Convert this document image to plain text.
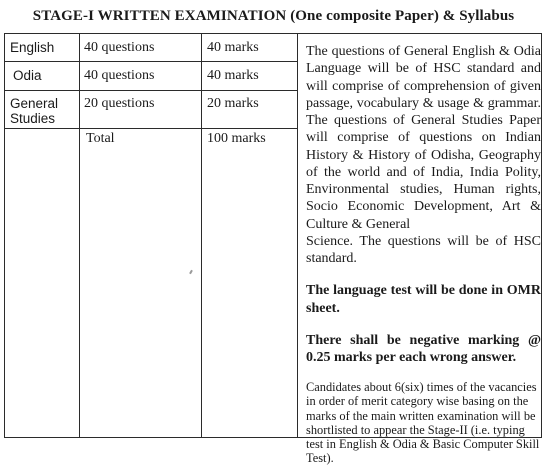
STAGE-I WRITTEN EXAMINATION (One composite Paper) & Syllabus
English 40 questions	40 marks
Odia	40 questions	40 marks
General
Studies
20 questions	20 marks
Total	100 marks

The questions of General English & Odia Language will be of HSC standard and will comprise of comprehension of given passage, vocabulary & usage & grammar. The questions of General Studies Paper will comprise of questions on Indian History & History of Odisha, Geography of the world and of India, India Polity, Environmental studies, Human rights, Socio Economic Development, Art & Culture & General

Science. The questions will be of HSC standard.

The language test will be done in OMR sheet.

There shall be negative marking @ 0.25 marks per each wrong answer.

Candidates about 6(six) times of the vacancies in order of merit category wise basing on the marks of the main written examination will be shortlisted to appear the Stage-II (i.e. typing test in English & Odia & Basic Computer Skill Test).
